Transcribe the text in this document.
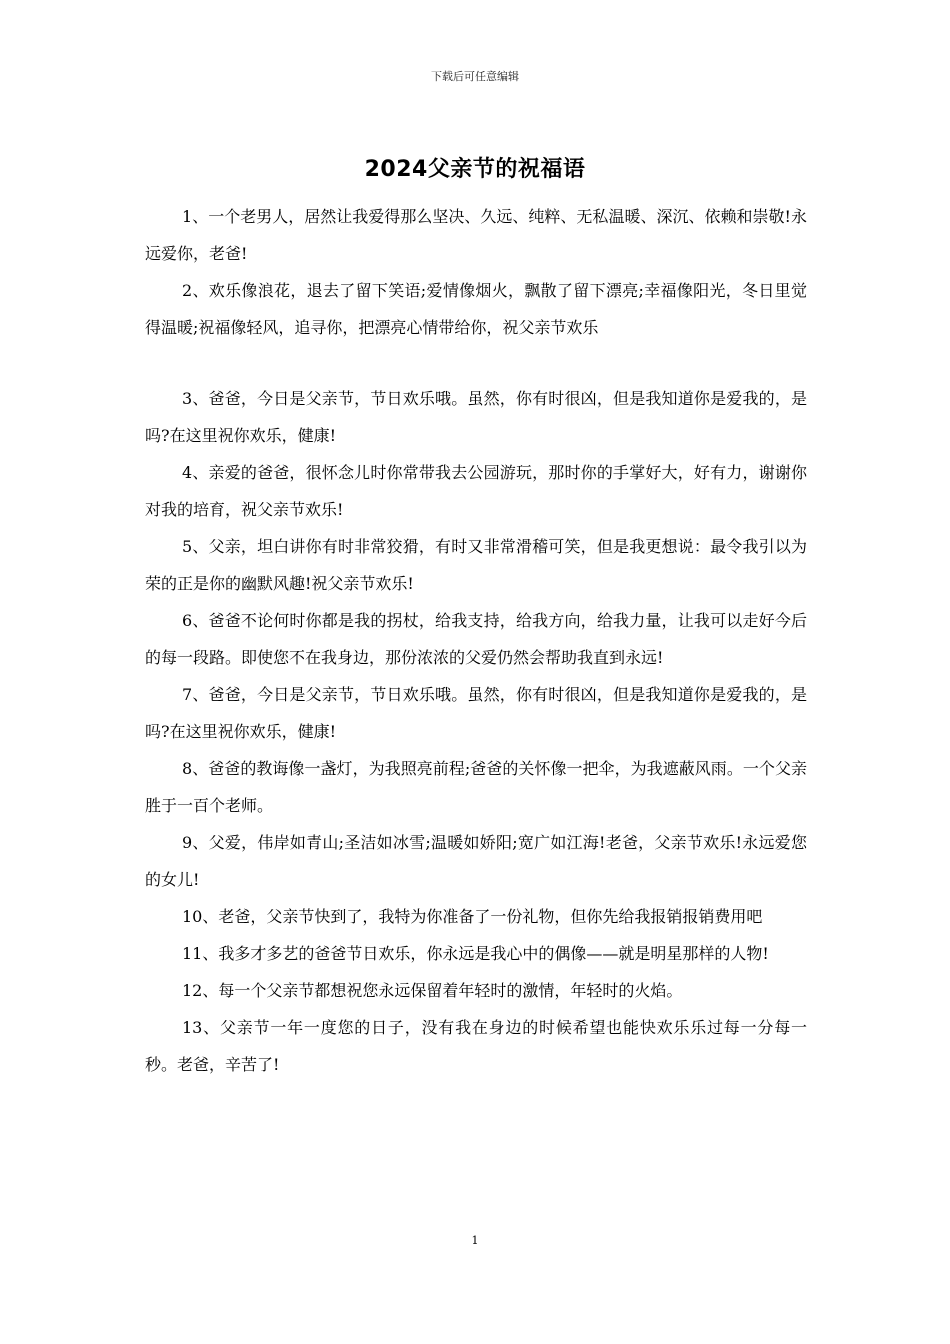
下载后可任意编辑
2024父亲节的祝福语

1、一个老男人，居然让我爱得那么坚决、久远、纯粹、无私温暖、深沉、依赖和崇敬!永远爱你，老爸!

2、欢乐像浪花，退去了留下笑语;爱情像烟火，飘散了留下漂亮;幸福像阳光，冬日里觉得温暖;祝福像轻风，追寻你，把漂亮心情带给你，祝父亲节欢乐

3、爸爸，今日是父亲节，节日欢乐哦。虽然，你有时很凶，但是我知道你是爱我的，是吗?在这里祝你欢乐，健康!

4、亲爱的爸爸，很怀念儿时你常带我去公园游玩，那时你的手掌好大，好有力，谢谢你对我的培育，祝父亲节欢乐!

5、父亲，坦白讲你有时非常狡猾，有时又非常滑稽可笑，但是我更想说：最令我引以为荣的正是你的幽默风趣!祝父亲节欢乐!

6、爸爸不论何时你都是我的拐杖，给我支持，给我方向，给我力量，让我可以走好今后的每一段路。即使您不在我身边，那份浓浓的父爱仍然会帮助我直到永远!

7、爸爸，今日是父亲节，节日欢乐哦。虽然，你有时很凶，但是我知道你是爱我的，是吗?在这里祝你欢乐，健康!

8、爸爸的教诲像一盏灯，为我照亮前程;爸爸的关怀像一把伞，为我遮蔽风雨。一个父亲胜于一百个老师。

9、父爱，伟岸如青山;圣洁如冰雪;温暖如娇阳;宽广如江海!老爸，父亲节欢乐!永远爱您的女儿!

10、老爸，父亲节快到了，我特为你准备了一份礼物，但你先给我报销报销费用吧

11、我多才多艺的爸爸节日欢乐，你永远是我心中的偶像——就是明星那样的人物!

12、每一个父亲节都想祝您永远保留着年轻时的激情，年轻时的火焰。

13、父亲节一年一度您的日子，没有我在身边的时候希望也能快欢乐乐过每一分每一秒。老爸，辛苦了!

1
